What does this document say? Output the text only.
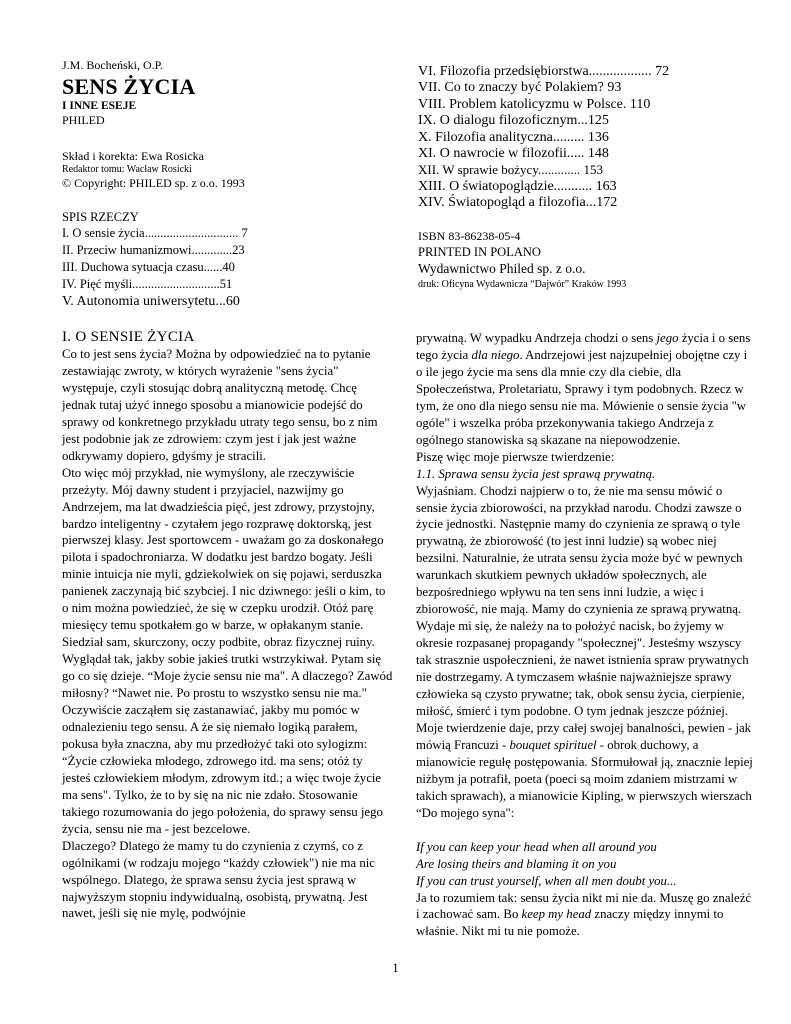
J.M. Bocheński, O.P.
SENS ŻYCIA
I INNE ESEJE
PHILED
Skład i korekta: Ewa Rosicka
Redaktor tomu: Wacław Rosicki
© Copyright: PHILED sp. z o.o. 1993
SPIS RZECZY
I. O sensie życia.............................. 7
II. Przeciw humanizmowi.............23
III. Duchowa sytuacja czasu......40
IV. Pięć myśli............................51
V. Autonomia uniwersytetu...60
VI. Filozofia przedsiębiorstwa.................. 72
VII. Co to znaczy być Polakiem? 93
VIII. Problem katolicyzmu w Polsce. 110
IX. O dialogu filozoficznym...125
X. Filozofia analityczna......... 136
XI. O nawrocie w filozofii..... 148
XII. W sprawie bożycy............. 153
XIII. O światopoglądzie........... 163
XIV. Światopogląd a filozofia...172
ISBN 83-86238-05-4
PRINTED IN POLANO
Wydawnictwo Philed sp. z o.o.
druk: Oficyna Wydawnicza “Dajwór” Kraków 1993
I. O SENSIE ŻYCIA

Co to jest sens życia? Można by odpowiedzieć na to pytanie zestawiając zwroty, w których wyrażenie "sens życia" występuje, czyli stosując dobrą analityczną metodę. Chcę jednak tutaj użyć innego sposobu a mianowicie podejść do sprawy od konkretnego przykładu utraty tego sensu, bo z nim jest podobnie jak ze zdrowiem: czym jest i jak jest ważne odkrywamy dopiero, gdyśmy je stracili.

Oto więc mój przykład, nie wymyślony, ale rzeczywiście przeżyty. Mój dawny student i przyjaciel, nazwijmy go Andrzejem, ma lat dwadzieścia pięć, jest zdrowy, przystojny, bardzo inteligentny - czytałem jego rozprawę doktorską, jest pierwszej klasy. Jest sportowcem - uważam go za doskonałego pilota i spadochroniarza. W dodatku jest bardzo bogaty. Jeśli minie intuicja nie myli, gdziekolwiek on się pojawi, serduszka panienek zaczynają bić szybciej. I nic dziwnego: jeśli o kim, to o nim można powiedzieć, że się w czepku urodził. Otóż parę miesięcy temu spotkałem go w barze, w opłakanym stanie. Siedział sam, skurczony, oczy podbite, obraz fizycznej ruiny. Wyglądał tak, jakby sobie jakieś trutki wstrzykiwał. Pytam się go co się dzieje. “Moje życie sensu nie ma". A dlaczego? Zawód miłosny? “Nawet nie. Po prostu to wszystko sensu nie ma."

Oczywiście zacząłem się zastanawiać, jakby mu pomóc w odnalezieniu tego sensu. A że się niemało logiką parałem, pokusa była znaczna, aby mu przedłożyć taki oto sylogizm: “Życie człowieka młodego, zdrowego itd. ma sens; otóż ty jesteś człowiekiem młodym, zdrowym itd.; a więc twoje życie ma sens". Tylko, że to by się na nic nie zdało. Stosowanie takiego rozumowania do jego położenia, do sprawy sensu jego życia, sensu nie ma - jest bezcelowe.

Dlaczego? Dlatego że mamy tu do czynienia z czymś, co z ogólnikami (w rodzaju mojego “każdy człowiek") nie ma nic wspólnego. Dlatego, że sprawa sensu życia jest sprawą w najwyższym stopniu indywidualną, osobistą, prywatną. Jest nawet, jeśli się nie mylę, podwójnie

prywatną. W wypadku Andrzeja chodzi o sens jego życia i o sens tego życia dla niego. Andrzejowi jest najzupełniej obojętne czy i o ile jego życie ma sens dla mnie czy dla ciebie, dla Społeczeństwa, Proletariatu, Sprawy i tym podobnych. Rzecz w tym, że ono dla niego sensu nie ma. Mówienie o sensie życia "w ogóle" i wszelka próba przekonywania takiego Andrzeja z ogólnego stanowiska są skazane na niepowodzenie.

Piszę więc moje pierwsze twierdzenie:

1.1. Sprawa sensu życia jest sprawą prywatną.

Wyjaśniam. Chodzi najpierw o to, że nie ma sensu mówić o sensie życia zbiorowości, na przykład narodu. Chodzi zawsze o życie jednostki. Następnie mamy do czynienia ze sprawą o tyle prywatną, że zbiorowość (to jest inni ludzie) są wobec niej bezsilni. Naturalnie, że utrata sensu życia może być w pewnych warunkach skutkiem pewnych układów społecznych, ale bezpośredniego wpływu na ten sens inni ludzie, a więc i zbiorowość, nie mają. Mamy do czynienia ze sprawą prywatną.

Wydaje mi się, że należy na to położyć nacisk, bo żyjemy w okresie rozpasanej propagandy "społecznej". Jesteśmy wszyscy tak strasznie uspołecznieni, że nawet istnienia spraw prywatnych nie dostrzegamy. A tymczasem właśnie najważniejsze sprawy człowieka są czysto prywatne; tak, obok sensu życia, cierpienie, miłość, śmierć i tym podobne. O tym jednak jeszcze później.

Moje twierdzenie daje, przy całej swojej banalności, pewien - jak mówią Francuzi - bouquet spirituel - obrok duchowy, a mianowicie regułę postępowania. Sformułował ją, znacznie lepiej niżbym ja potrafił, poeta (poeci są moim zdaniem mistrzami w takich sprawach), a mianowicie Kipling, w pierwszych wierszach “Do mojego syna":

If you can keep your head when all around you

Are losing theirs and blaming it on you

If you can trust yourself, when all men doubt you...

Ja to rozumiem tak: sensu życia nikt mi nie da. Muszę go znaleźć i zachować sam. Bo keep my head znaczy między innymi to właśnie. Nikt mi tu nie pomoże.

1
